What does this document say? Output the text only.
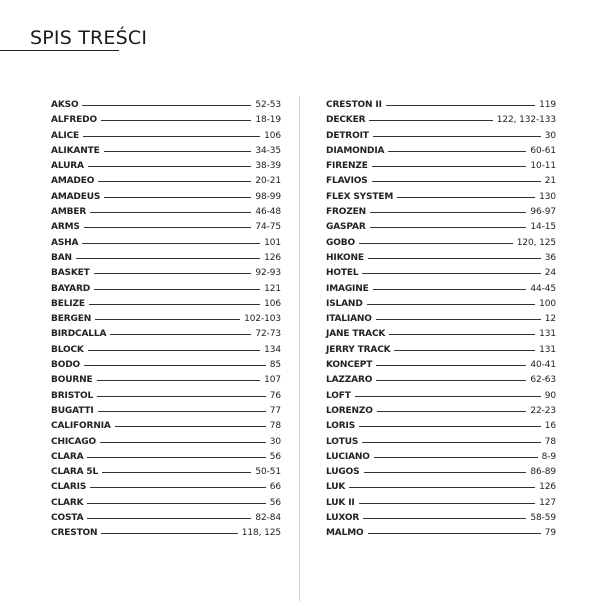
SPIS TREŚCI
AKSO	52-53
ALFREDO	18-19
ALICE	106
ALIKANTE	34-35
ALURA	38-39
AMADEO	20-21
AMADEUS	98-99
AMBER	46-48
ARMS	74-75
ASHA	101
BAN	126
BASKET	92-93
BAYARD	121
BELIZE	106
BERGEN	102-103
BIRDCALLA	72-73
BLOCK	134
BODO	85
BOURNE	107
BRISTOL	76
BUGATTI	77
CALIFORNIA	78
CHICAGO	30
CLARA	56
CLARA 5L	50-51
CLARIS	66
CLARK	56
COSTA	82-84
CRESTON	118, 125
CRESTON II	119
DECKER	122, 132-133
DETROIT	30
DIAMONDIA	60-61
FIRENZE	10-11
FLAVIOS	21
FLEX SYSTEM	130
FROZEN	96-97
GASPAR	14-15
GOBO	120, 125
HIKONE	36
HOTEL	24
IMAGINE	44-45
ISLAND	100
ITALIANO	12
JANE TRACK	131
JERRY TRACK	131
KONCEPT	40-41
LAZZARO	62-63
LOFT	90
LORENZO	22-23
LORIS	16
LOTUS	78
LUCIANO	8-9
LUGOS	86-89
LUK	126
LUK II	127
LUXOR	58-59
MALMO	79
